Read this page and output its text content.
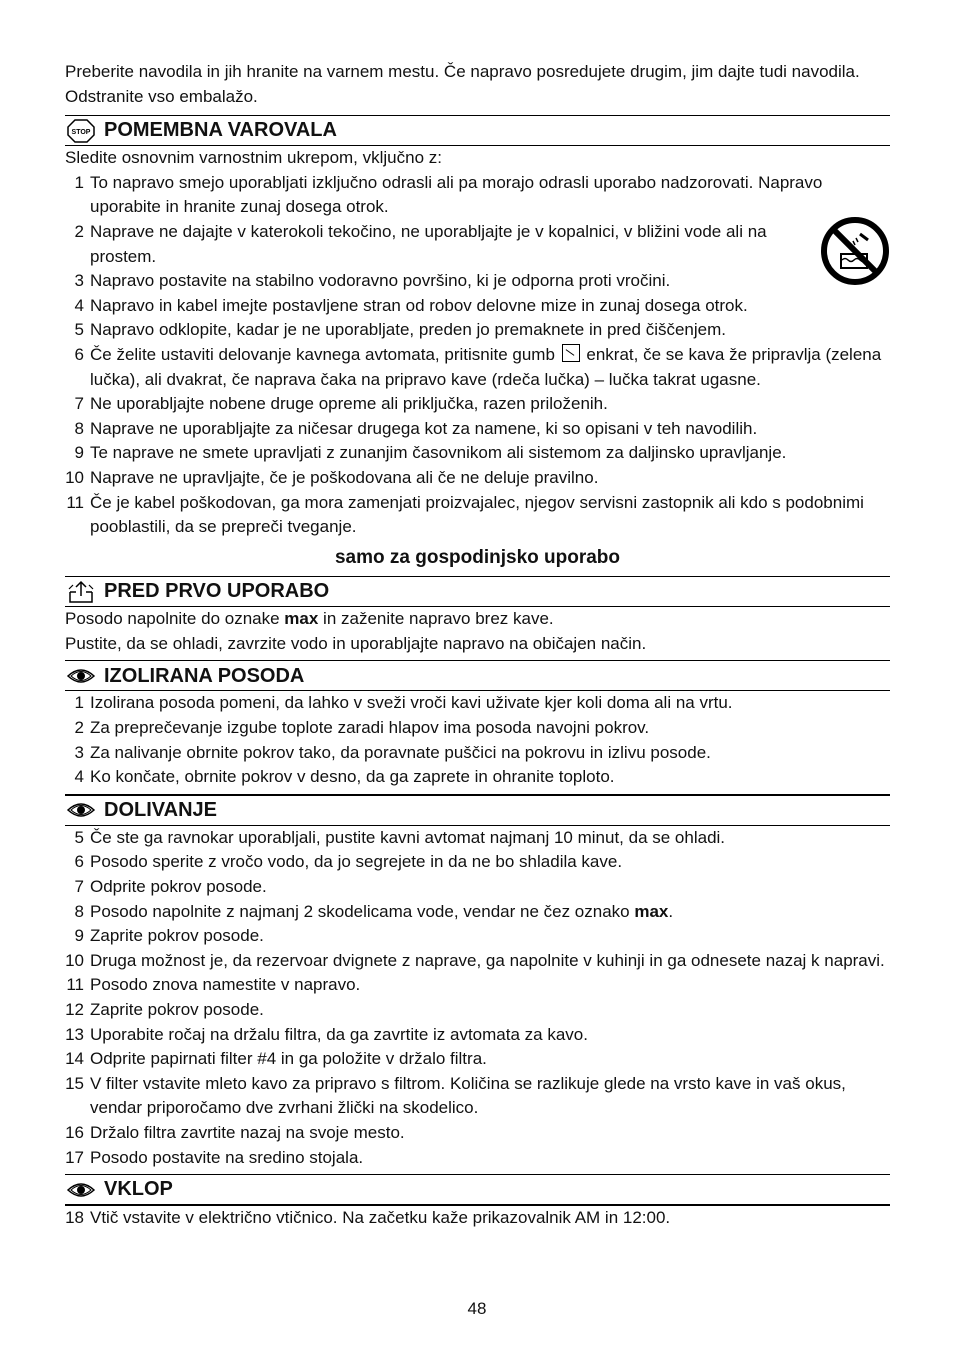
Preberite navodila in jih hranite na varnem mestu. Če napravo posredujete drugim, jim dajte tudi navodila. Odstranite vso embalažo.

STOP POMEMBNA VAROVALA

Sledite osnovnim varnostnim ukrepom, vključno z:

1 To napravo smejo uporabljati izključno odrasli ali pa morajo odrasli uporabo nadzorovati. Napravo uporabite in hranite zunaj dosega otrok.
2 Naprave ne dajajte v katerokoli tekočino, ne uporabljajte je v kopalnici, v bližini vode ali na prostem.
3 Napravo postavite na stabilno vodoravno površino, ki je odporna proti vročini.
4 Napravo in kabel imejte postavljene stran od robov delovne mize in zunaj dosega otrok.
5 Napravo odklopite, kadar je ne uporabljate, preden jo premaknete in pred čiščenjem.
6 Če želite ustaviti delovanje kavnega avtomata, pritisnite gumb enkrat, če se kava že pripravlja (zelena lučka), ali dvakrat, če naprava čaka na pripravo kave (rdeča lučka) – lučka takrat ugasne.
7 Ne uporabljajte nobene druge opreme ali priključka, razen priloženih.
8 Naprave ne uporabljajte za ničesar drugega kot za namene, ki so opisani v teh navodilih.
9 Te naprave ne smete upravljati z zunanjim časovnikom ali sistemom za daljinsko upravljanje.
10 Naprave ne upravljajte, če je poškodovana ali če ne deluje pravilno.
11 Če je kabel poškodovan, ga mora zamenjati proizvajalec, njegov servisni zastopnik ali kdo s podobnimi pooblastili, da se prepreči tveganje.

samo za gospodinjsko uporabo

PRED PRVO UPORABO

Posodo napolnite do oznake max in zaženite napravo brez kave.

Pustite, da se ohladi, zavrzite vodo in uporabljajte napravo na običajen način.

IZOLIRANA POSODA
1 Izolirana posoda pomeni, da lahko v sveži vroči kavi uživate kjer koli doma ali na vrtu.
2 Za preprečevanje izgube toplote zaradi hlapov ima posoda navojni pokrov.
3 Za nalivanje obrnite pokrov tako, da poravnate puščici na pokrovu in izlivu posode.
4 Ko končate, obrnite pokrov v desno, da ga zaprete in ohranite toploto.
DOLIVANJE
5 Če ste ga ravnokar uporabljali, pustite kavni avtomat najmanj 10 minut, da se ohladi.
6 Posodo sperite z vročo vodo, da jo segrejete in da ne bo shladila kave.
7 Odprite pokrov posode.
8 Posodo napolnite z najmanj 2 skodelicama vode, vendar ne čez oznako max.
9 Zaprite pokrov posode.
10 Druga možnost je, da rezervoar dvignete z naprave, ga napolnite v kuhinji in ga odnesete nazaj k napravi.
11 Posodo znova namestite v napravo.
12 Zaprite pokrov posode.
13 Uporabite ročaj na držalu filtra, da ga zavrtite iz avtomata za kavo.
14 Odprite papirnati filter #4 in ga položite v držalo filtra.
15 V filter vstavite mleto kavo za pripravo s filtrom. Količina se razlikuje glede na vrsto kave in vaš okus, vendar priporočamo dve zvrhani žlički na skodelico.
16 Držalo filtra zavrtite nazaj na svoje mesto.
17 Posodo postavite na sredino stojala.
VKLOP
18 Vtič vstavite v električno vtičnico. Na začetku kaže prikazovalnik AM in 12:00.
48
